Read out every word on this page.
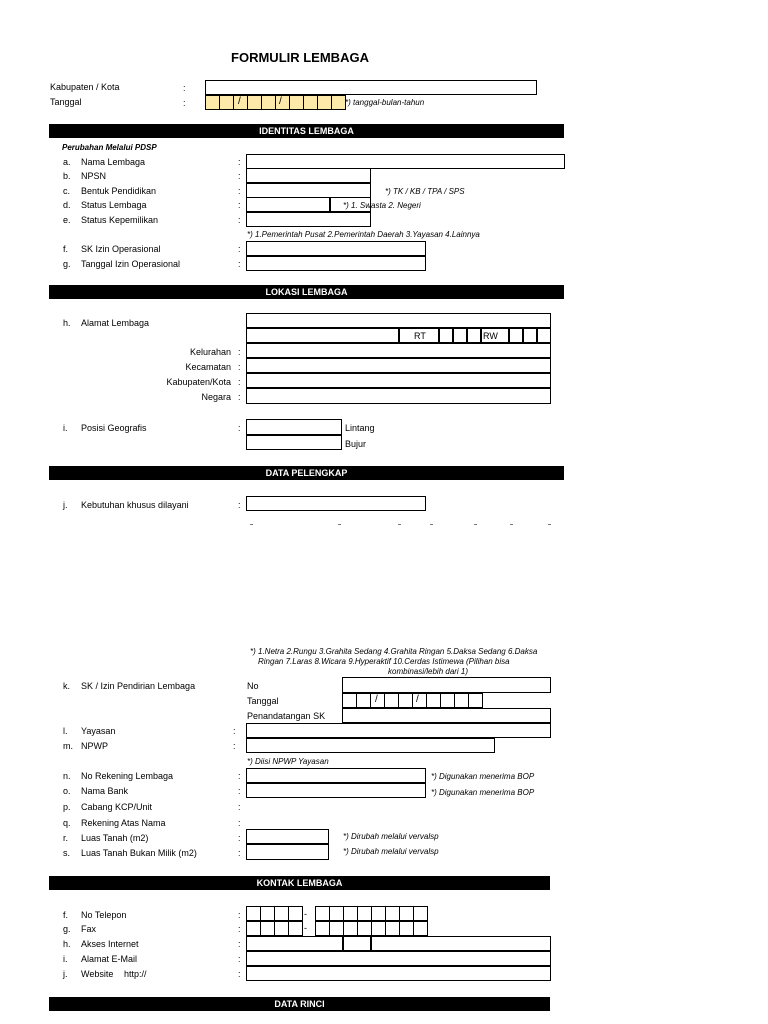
FORMULIR LEMBAGA
Kabupaten / Kota	:
Tanggal	:	/	/	*) tanggal-bulan-tahun
IDENTITAS LEMBAGA
Perubahan Melalui PDSP
a. Nama Lembaga	:
b. NPSN	:
c. Bentuk Pendidikan	:	*) TK / KB / TPA / SPS
d. Status Lembaga	:	*) 1. Swasta 2. Negeri
e. Status Kepemilikan	:
*) 1.Pemerintah Pusat 2.Pemerintah Daerah 3.Yayasan 4.Lainnya
f. SK Izin Operasional	:
g. Tanggal Izin Operasional	:
LOKASI LEMBAGA
h. Alamat Lembaga
RT	RW
Kelurahan :
Kecamatan :
Kabupaten/Kota :
Negara :
i. Posisi Geografis	:	Lintang
Bujur
DATA PELENGKAP
j. Kebutuhan khusus dilayani	:
*) 1.Netra 2.Rungu 3.Grahita Sedang 4.Grahita Ringan 5.Daksa Sedang 6.Daksa
Ringan 7.Laras 8.Wicara 9.Hyperaktif 10.Cerdas Istimewa (Pilihan bisa
kombinasi/lebih dari 1)
k. SK / Izin Pendirian Lembaga	No
Tanggal	/	/
Penandatangan SK
l. Yayasan	:
m. NPWP	:
*) Diisi NPWP Yayasan
n. No Rekening Lembaga	:	*) Digunakan menerima BOP
o. Nama Bank	:	*) Digunakan menerima BOP
p. Cabang KCP/Unit	:
q. Rekening Atas Nama	:
r. Luas Tanah (m2)	:	*) Dirubah melalui vervalsp
s. Luas Tanah Bukan Milik (m2)	:	*) Dirubah melalui vervalsp
KONTAK LEMBAGA
f. No Telepon	:	-
g. Fax	:	-
h. Akses Internet	:
i. Alamat E-Mail	:
j. Website http://	:
DATA RINCI
